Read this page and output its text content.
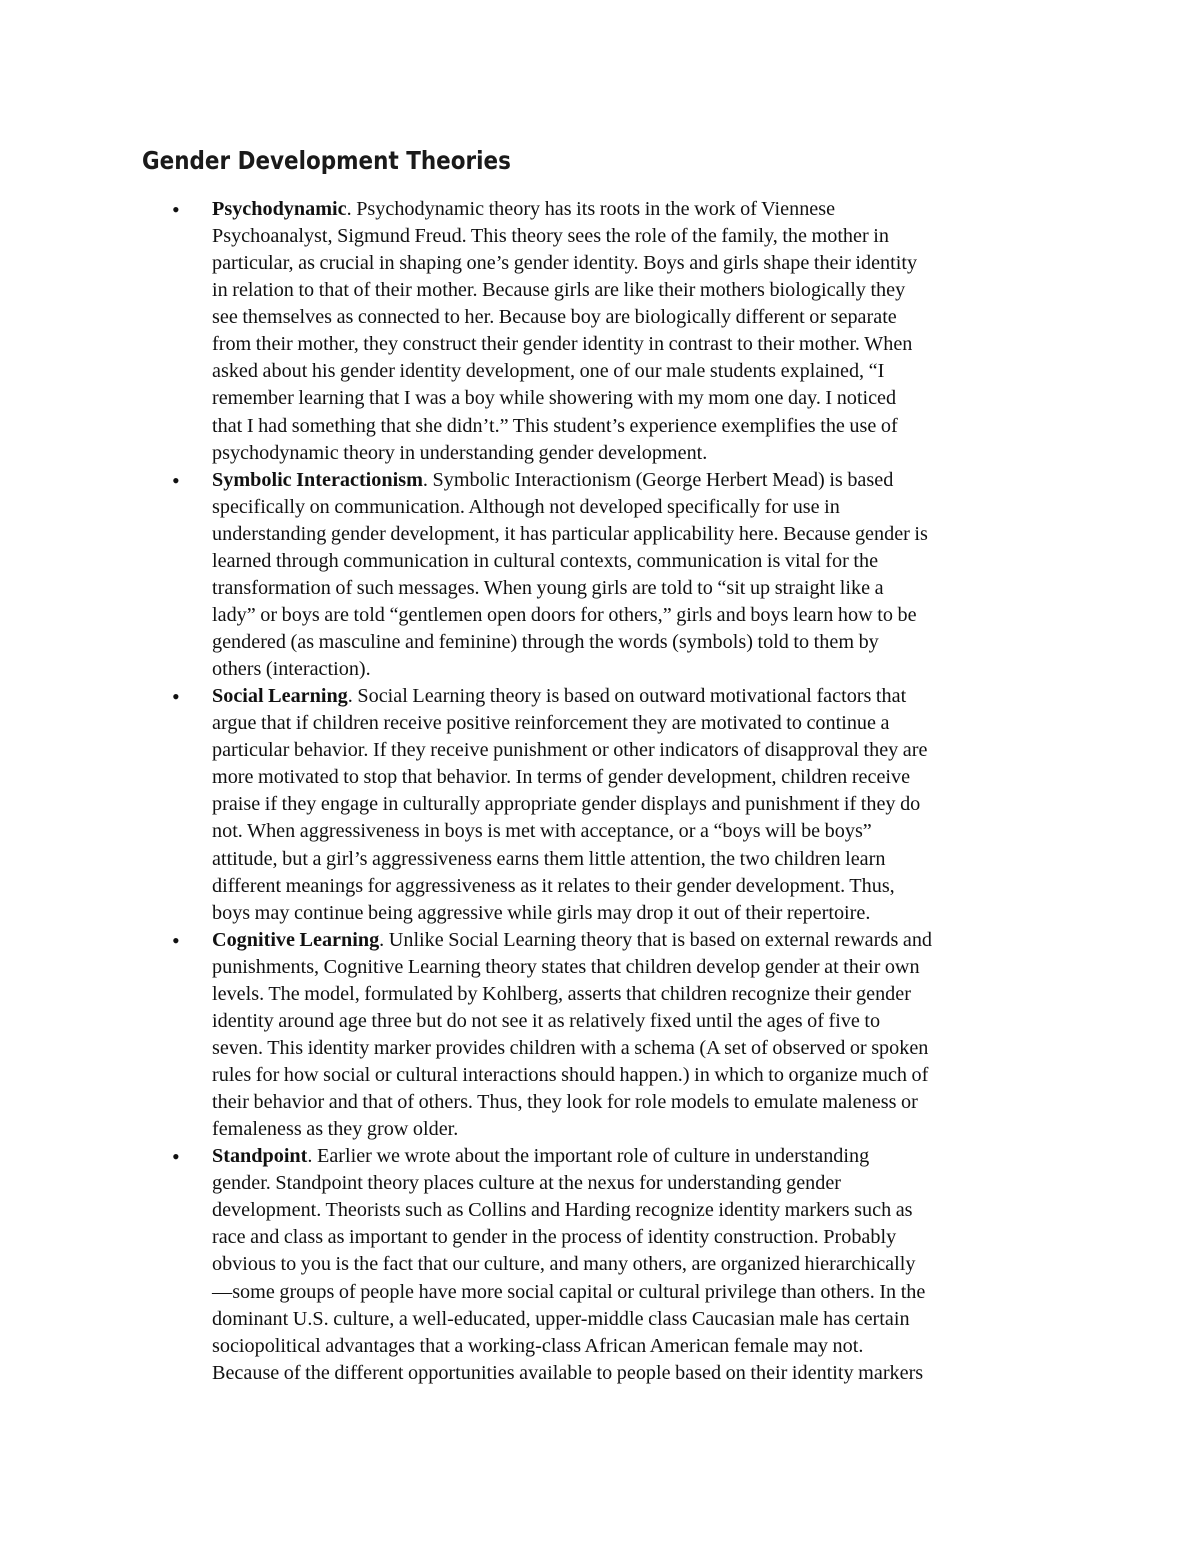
Gender Development Theories
•	Psychodynamic. Psychodynamic theory has its roots in the work of Viennese
Psychoanalyst, Sigmund Freud. This theory sees the role of the family, the mother in
particular, as crucial in shaping one’s gender identity. Boys and girls shape their identity
in relation to that of their mother. Because girls are like their mothers biologically they
see themselves as connected to her. Because boy are biologically different or separate
from their mother, they construct their gender identity in contrast to their mother. When
asked about his gender identity development, one of our male students explained, “I
remember learning that I was a boy while showering with my mom one day. I noticed
that I had something that she didn’t.” This student’s experience exemplifies the use of
psychodynamic theory in understanding gender development.

•	Symbolic Interactionism. Symbolic Interactionism (George Herbert Mead) is based
specifically on communication. Although not developed specifically for use in
understanding gender development, it has particular applicability here. Because gender is
learned through communication in cultural contexts, communication is vital for the
transformation of such messages. When young girls are told to “sit up straight like a
lady” or boys are told “gentlemen open doors for others,” girls and boys learn how to be
gendered (as masculine and feminine) through the words (symbols) told to them by
others (interaction).

•	Social Learning. Social Learning theory is based on outward motivational factors that
argue that if children receive positive reinforcement they are motivated to continue a
particular behavior. If they receive punishment or other indicators of disapproval they are
more motivated to stop that behavior. In terms of gender development, children receive
praise if they engage in culturally appropriate gender displays and punishment if they do
not. When aggressiveness in boys is met with acceptance, or a “boys will be boys”
attitude, but a girl’s aggressiveness earns them little attention, the two children learn
different meanings for aggressiveness as it relates to their gender development. Thus,
boys may continue being aggressive while girls may drop it out of their repertoire.

•	Cognitive Learning. Unlike Social Learning theory that is based on external rewards and
punishments, Cognitive Learning theory states that children develop gender at their own
levels. The model, formulated by Kohlberg, asserts that children recognize their gender
identity around age three but do not see it as relatively fixed until the ages of five to
seven. This identity marker provides children with a schema (A set of observed or spoken
rules for how social or cultural interactions should happen.) in which to organize much of
their behavior and that of others. Thus, they look for role models to emulate maleness or
femaleness as they grow older.

•	Standpoint. Earlier we wrote about the important role of culture in understanding
gender. Standpoint theory places culture at the nexus for understanding gender
development. Theorists such as Collins and Harding recognize identity markers such as
race and class as important to gender in the process of identity construction. Probably
obvious to you is the fact that our culture, and many others, are organized hierarchically
—some groups of people have more social capital or cultural privilege than others. In the
dominant U.S. culture, a well-educated, upper-middle class Caucasian male has certain
sociopolitical advantages that a working-class African American female may not.
Because of the different opportunities available to people based on their identity markers
